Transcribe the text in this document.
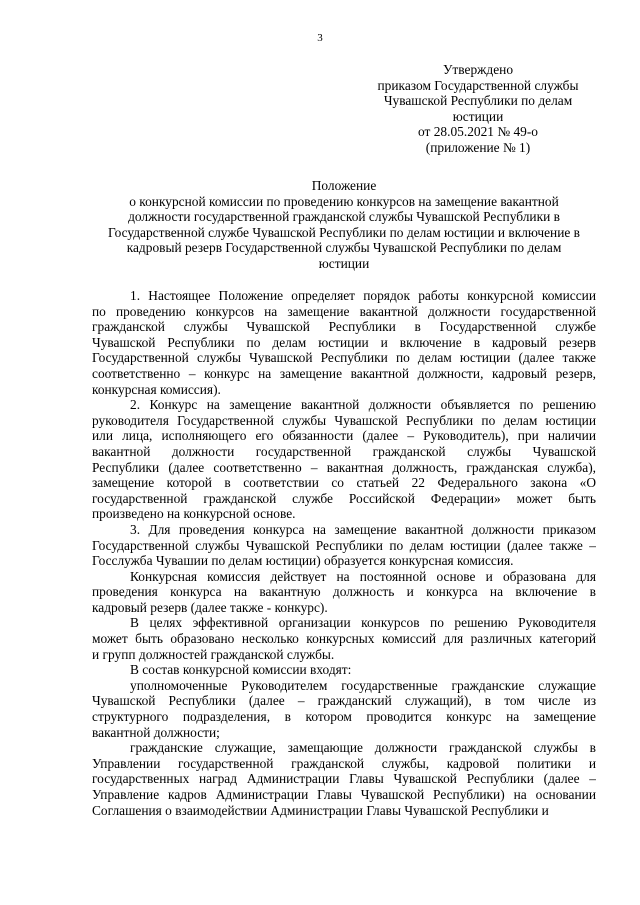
3
Утверждено
приказом Государственной службы
Чувашской Республики по делам
юстиции
от 28.05.2021 № 49-о
(приложение № 1)
Положение
о конкурсной комиссии по проведению конкурсов на замещение вакантной
должности государственной гражданской службы Чувашской Республики в
Государственной службе Чувашской Республики по делам юстиции и включение в
кадровый резерв Государственной службы Чувашской Республики по делам
юстиции

1. Настоящее Положение определяет порядок работы конкурсной комиссии
по проведению конкурсов на замещение вакантной должности государственной
гражданской службы Чувашской Республики в Государственной службе
Чувашской Республики по делам юстиции и включение в кадровый резерв
Государственной службы Чувашской Республики по делам юстиции (далее также
соответственно – конкурс на замещение вакантной должности, кадровый резерв,
конкурсная комиссия).

2. Конкурс на замещение вакантной должности объявляется по решению
руководителя Государственной службы Чувашской Республики по делам юстиции
или лица, исполняющего его обязанности (далее – Руководитель), при наличии
вакантной должности государственной гражданской службы Чувашской
Республики (далее соответственно – вакантная должность, гражданская служба),
замещение которой в соответствии со статьей 22 Федерального закона «О
государственной гражданской службе Российской Федерации» может быть
произведено на конкурсной основе.

3. Для проведения конкурса на замещение вакантной должности приказом
Государственной службы Чувашской Республики по делам юстиции (далее также –
Госслужба Чувашии по делам юстиции) образуется конкурсная комиссия.

Конкурсная комиссия действует на постоянной основе и образована для
проведения конкурса на вакантную должность и конкурса на включение в
кадровый резерв (далее также - конкурс).

В целях эффективной организации конкурсов по решению Руководителя
может быть образовано несколько конкурсных комиссий для различных категорий
и групп должностей гражданской службы.

В состав конкурсной комиссии входят:

уполномоченные Руководителем государственные гражданские служащие
Чувашской Республики (далее – гражданский служащий), в том числе из
структурного подразделения, в котором проводится конкурс на замещение
вакантной должности;

гражданские служащие, замещающие должности гражданской службы в
Управлении государственной гражданской службы, кадровой политики и
государственных наград Администрации Главы Чувашской Республики (далее –
Управление кадров Администрации Главы Чувашской Республики) на основании
Соглашения о взаимодействии Администрации Главы Чувашской Республики и
